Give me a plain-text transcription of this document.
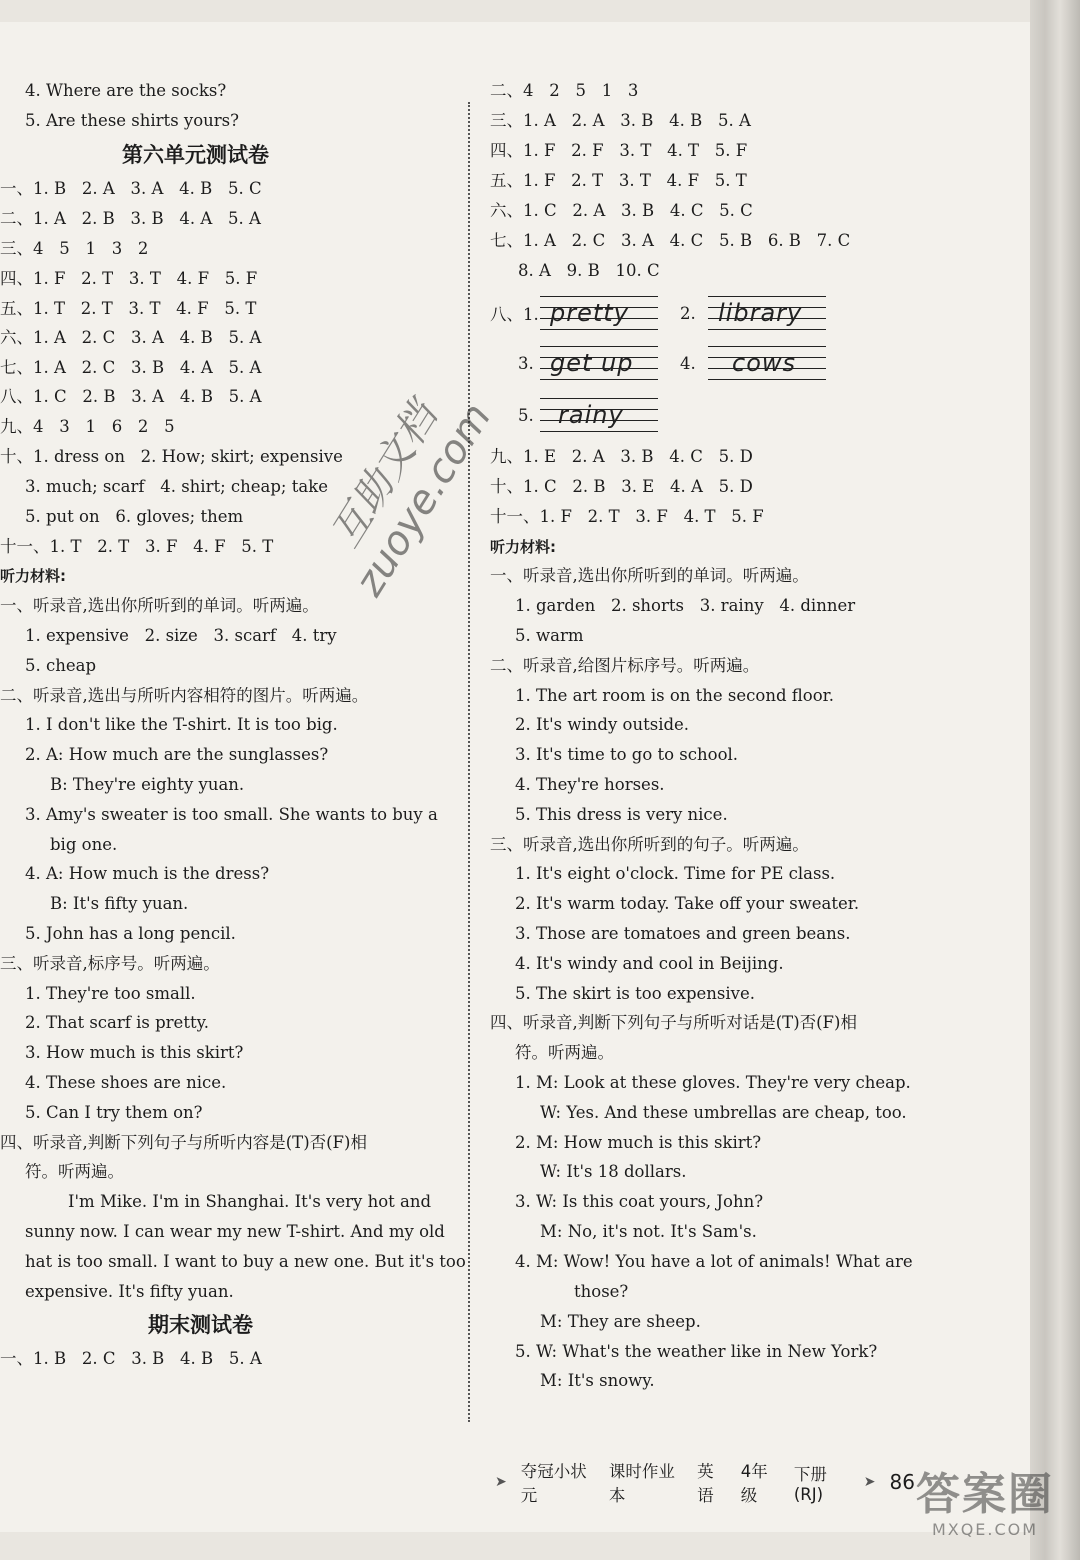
4. Where are the socks?
5. Are these shirts yours?
第六单元测试卷
一、1. B   2. A   3. A   4. B   5. C
二、1. A   2. B   3. B   4. A   5. A
三、4   5   1   3   2
四、1. F   2. T   3. T   4. F   5. F
五、1. T   2. T   3. T   4. F   5. T
六、1. A   2. C   3. A   4. B   5. A
七、1. A   2. C   3. B   4. A   5. A
八、1. C   2. B   3. A   4. B   5. A
九、4   3   1   6   2   5
十、1. dress on   2. How; skirt; expensive
3. much; scarf   4. shirt; cheap; take
5. put on   6. gloves; them
十一、1. T   2. T   3. F   4. F   5. T
听力材料:
一、听录音,选出你所听到的单词。听两遍。
1. expensive   2. size   3. scarf   4. try
5. cheap
二、听录音,选出与所听内容相符的图片。听两遍。
1. I don't like the T-shirt. It is too big.
2. A: How much are the sunglasses?
B: They're eighty yuan.
3. Amy's sweater is too small. She wants to buy a
big one.
4. A: How much is the dress?
B: It's fifty yuan.
5. John has a long pencil.
三、听录音,标序号。听两遍。
1. They're too small.
2. That scarf is pretty.
3. How much is this skirt?
4. These shoes are nice.
5. Can I try them on?
四、听录音,判断下列句子与所听内容是(T)否(F)相
符。听两遍。
I'm Mike. I'm in Shanghai. It's very hot and
sunny now. I can wear my new T-shirt. And my old
hat is too small. I want to buy a new one. But it's too
expensive. It's fifty yuan.
期末测试卷
一、1. B   2. C   3. B   4. B   5. A
二、4   2   5   1   3
三、1. A   2. A   3. B   4. B   5. A
四、1. F   2. F   3. T   4. T   5. F
五、1. F   2. T   3. T   4. F   5. T
六、1. C   2. A   3. B   4. C   5. C
七、1. A   2. C   3. A   4. C   5. B   6. B   7. C
8. A   9. B   10. C
八、1. pretty	2. library
3. get up	4.	cows
5. rainy
九、1. E   2. A   3. B   4. C   5. D
十、1. C   2. B   3. E   4. A   5. D
十一、1. F   2. T   3. F   4. T   5. F
听力材料:
一、听录音,选出你所听到的单词。听两遍。
1. garden   2. shorts   3. rainy   4. dinner
5. warm
二、听录音,给图片标序号。听两遍。
1. The art room is on the second floor.
2. It's windy outside.
3. It's time to go to school.
4. They're horses.
5. This dress is very nice.
三、听录音,选出你所听到的句子。听两遍。
1. It's eight o'clock. Time for PE class.
2. It's warm today. Take off your sweater.
3. Those are tomatoes and green beans.
4. It's windy and cool in Beijing.
5. The skirt is too expensive.
四、听录音,判断下列句子与所听对话是(T)否(F)相
符。听两遍。
1. M: Look at these gloves. They're very cheap.
W: Yes. And these umbrellas are cheap, too.
2. M: How much is this skirt?
W: It's 18 dollars.
3. W: Is this coat yours, John?
M: No, it's not. It's Sam's.
4. M: Wow! You have a lot of animals! What are
those?
M: They are sheep.
5. W: What's the weather like in New York?
M: It's snowy.
➤
夺冠小状元
课时作业本
英语
4年级
下册(RJ)
➤ 86
互助文档 zuoye.com
答案圈
MXQE.COM
